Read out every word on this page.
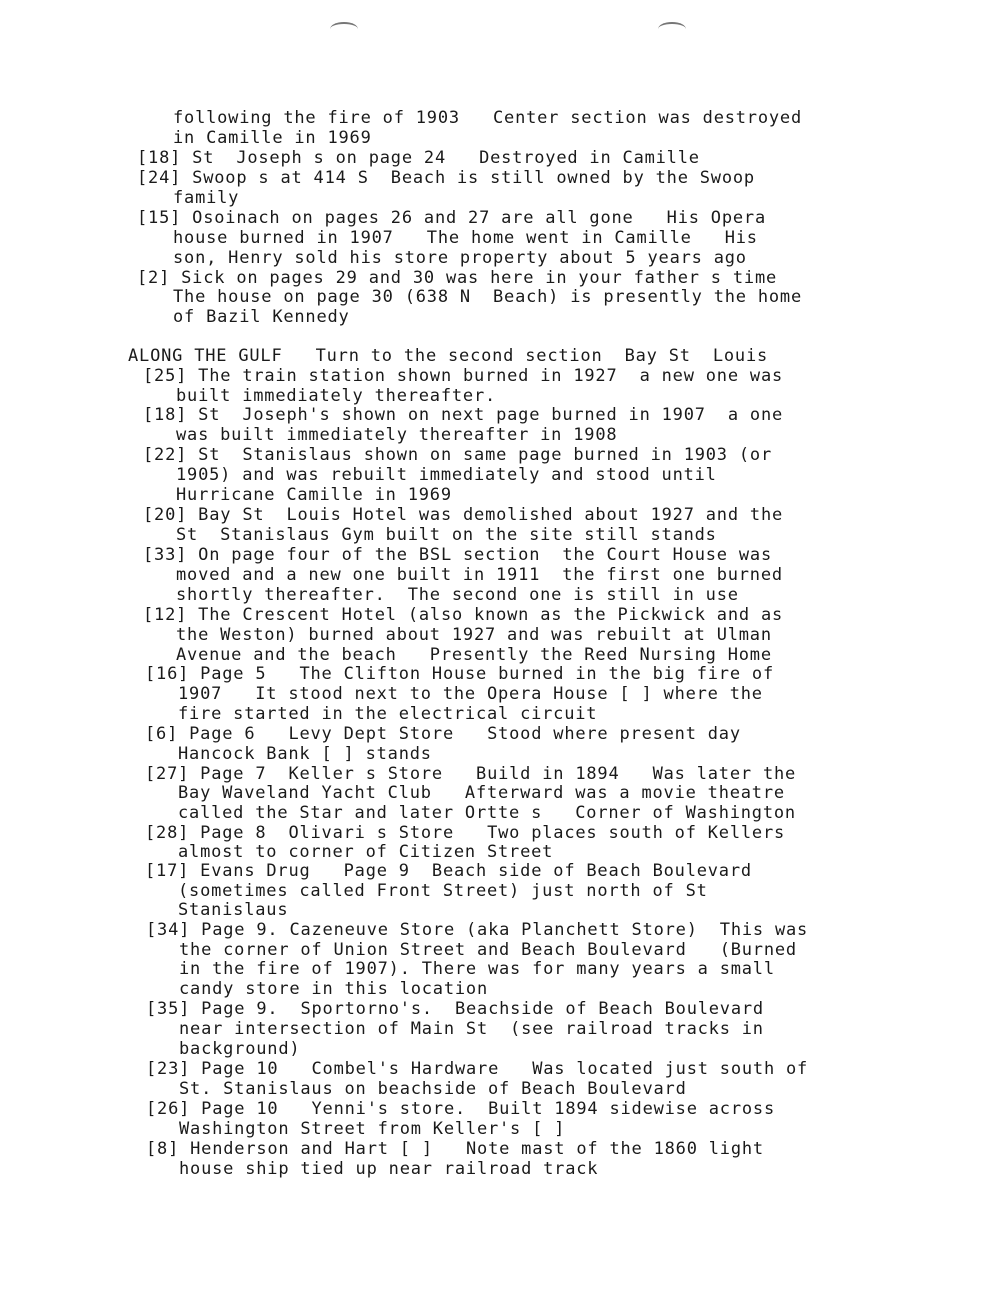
following the fire of 1903   Center section was destroyed
in Camille in 1969
[18] St  Joseph s on page 24   Destroyed in Camille
[24] Swoop s at 414 S  Beach is still owned by the Swoop
family
[15] Osoinach on pages 26 and 27 are all gone   His Opera
house burned in 1907   The home went in Camille   His
son, Henry sold his store property about 5 years ago
[2] Sick on pages 29 and 30 was here in your father s time
The house on page 30 (638 N  Beach) is presently the home
of Bazil Kennedy
ALONG THE GULF   Turn to the second section  Bay St  Louis
[25] The train station shown burned in 1927  a new one was
built immediately thereafter.
[18] St  Joseph's shown on next page burned in 1907  a one
was built immediately thereafter in 1908
[22] St  Stanislaus shown on same page burned in 1903 (or
1905) and was rebuilt immediately and stood until
Hurricane Camille in 1969
[20] Bay St  Louis Hotel was demolished about 1927 and the
St  Stanislaus Gym built on the site still stands
[33] On page four of the BSL section  the Court House was
moved and a new one built in 1911  the first one burned
shortly thereafter.  The second one is still in use
[12] The Crescent Hotel (also known as the Pickwick and as
the Weston) burned about 1927 and was rebuilt at Ulman
Avenue and the beach   Presently the Reed Nursing Home
[16] Page 5   The Clifton House burned in the big fire of
1907   It stood next to the Opera House [ ] where the
fire started in the electrical circuit
[6] Page 6   Levy Dept Store   Stood where present day
Hancock Bank [ ] stands
[27] Page 7  Keller s Store   Build in 1894   Was later the
Bay Waveland Yacht Club   Afterward was a movie theatre
called the Star and later Ortte s   Corner of Washington
[28] Page 8  Olivari s Store   Two places south of Kellers
almost to corner of Citizen Street
[17] Evans Drug   Page 9  Beach side of Beach Boulevard
(sometimes called Front Street) just north of St
Stanislaus
[34] Page 9. Cazeneuve Store (aka Planchett Store)  This was
the corner of Union Street and Beach Boulevard   (Burned
in the fire of 1907). There was for many years a small
candy store in this location
[35] Page 9.  Sportorno's.  Beachside of Beach Boulevard
near intersection of Main St  (see railroad tracks in
background)
[23] Page 10   Combel's Hardware   Was located just south of
St. Stanislaus on beachside of Beach Boulevard
[26] Page 10   Yenni's store.  Built 1894 sidewise across
Washington Street from Keller's [ ]
[8] Henderson and Hart [ ]   Note mast of the 1860 light
house ship tied up near railroad track
